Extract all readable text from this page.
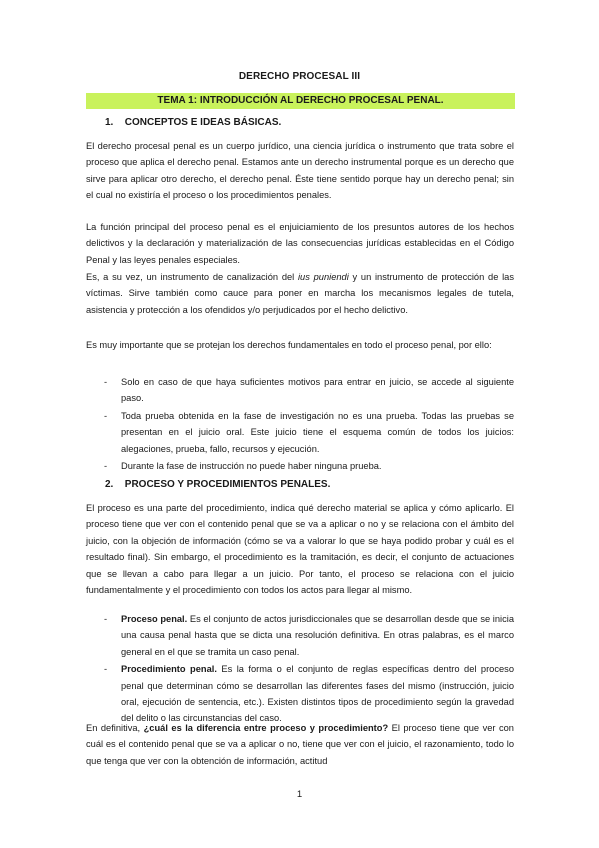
DERECHO PROCESAL III
TEMA 1: INTRODUCCIÓN AL DERECHO PROCESAL PENAL.
1. CONCEPTOS E IDEAS BÁSICAS.

El derecho procesal penal es un cuerpo jurídico, una ciencia jurídica o instrumento que trata sobre el proceso que aplica el derecho penal. Estamos ante un derecho instrumental porque es un derecho que sirve para aplicar otro derecho, el derecho penal. Éste tiene sentido porque hay un derecho penal; sin el cual no existiría el proceso o los procedimientos penales.

La función principal del proceso penal es el enjuiciamiento de los presuntos autores de los hechos delictivos y la declaración y materialización de las consecuencias jurídicas establecidas en el Código Penal y las leyes penales especiales.

Es, a su vez, un instrumento de canalización del ius puniendi y un instrumento de protección de las víctimas. Sirve también como cauce para poner en marcha los mecanismos legales de tutela, asistencia y protección a los ofendidos y/o perjudicados por el hecho delictivo.

Es muy importante que se protejan los derechos fundamentales en todo el proceso penal, por ello:

- Solo en caso de que haya suficientes motivos para entrar en juicio, se accede al siguiente paso.
- Toda prueba obtenida en la fase de investigación no es una prueba. Todas las pruebas se presentan en el juicio oral. Este juicio tiene el esquema común de todos los juicios: alegaciones, prueba, fallo, recursos y ejecución.
- Durante la fase de instrucción no puede haber ninguna prueba.
2. PROCESO Y PROCEDIMIENTOS PENALES.

El proceso es una parte del procedimiento, indica qué derecho material se aplica y cómo aplicarlo. El proceso tiene que ver con el contenido penal que se va a aplicar o no y se relaciona con el ámbito del juicio, con la objeción de información (cómo se va a valorar lo que se haya podido probar y cuál es el resultado final). Sin embargo, el procedimiento es la tramitación, es decir, el conjunto de actuaciones que se llevan a cabo para llegar a un juicio. Por tanto, el proceso se relaciona con el juicio fundamentalmente y el procedimiento con todos los actos para llegar al mismo.

- Proceso penal. Es el conjunto de actos jurisdiccionales que se desarrollan desde que se inicia una causa penal hasta que se dicta una resolución definitiva. En otras palabras, es el marco general en el que se tramita un caso penal.
- Procedimiento penal. Es la forma o el conjunto de reglas específicas dentro del proceso penal que determinan cómo se desarrollan las diferentes fases del mismo (instrucción, juicio oral, ejecución de sentencia, etc.). Existen distintos tipos de procedimiento según la gravedad del delito o las circunstancias del caso.

En definitiva, ¿cuál es la diferencia entre proceso y procedimiento? El proceso tiene que ver con cuál es el contenido penal que se va a aplicar o no, tiene que ver con el juicio, el razonamiento, todo lo que tenga que ver con la obtención de información, actitud

1
